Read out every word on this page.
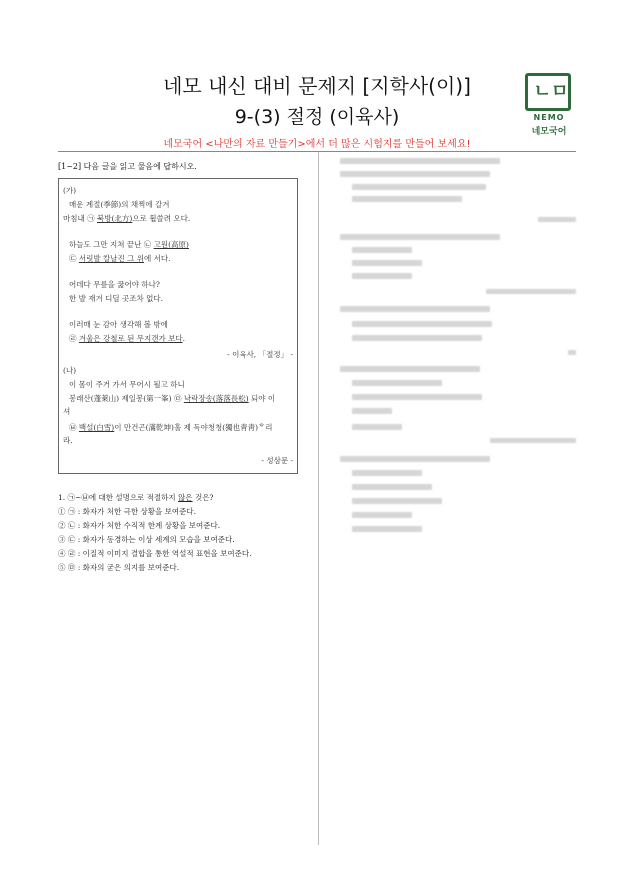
네모 내신 대비 문제지 [지학사(이)]
9-(3) 절정 (이육사)
네모국어 <나만의 자료 만들기>에서 더 많은 시험지를 만들어 보세요!
ㄴㅁ
NEMO
네모국어
[1~2] 다음 글을 읽고 물음에 답하시오.
(가)
매운 계절(季節)의 채찍에 갈겨
마침내 ㉠ 북방(北方)으로 휩쓸려 오다.
하늘도 그만 지쳐 끝난 ㉡ 고원(高原)
㉢ 서릿발 칼날진 그 위에 서다.
어데다 무릎을 꿇어야 하나?
한 발 재겨 디딜 곳조차 없다.
이러매 눈 감아 생각해 볼 밖에
㉣ 겨울은 강철로 된 무지갠가 보다.
- 이육사, 「절정」 -
(나)
이 몸이 주거 가서 무어시 될고 하니
봉래산(蓬萊山) 제일봉(第一峯) ㉤ 낙락장송(落落長松) 되야 이
셔
㉥ 백설(白雪)이 만건곤(滿乾坤)홀 제 독야청청(獨也靑靑)ᄒ리
라.
- 성삼문 -
1. ㉠~㉥에 대한 설명으로 적절하지 않은 것은?
① ㉠ : 화자가 처한 극한 상황을 보여준다.
② ㉡ : 화자가 처한 수직적 한계 상황을 보여준다.
③ ㉢ : 화자가 동경하는 이상 세계의 모습을 보여준다.
④ ㉣ : 이질적 이미지 결합을 통한 역설적 표현을 보여준다.
⑤ ㉤ : 화자의 굳은 의지를 보여준다.
